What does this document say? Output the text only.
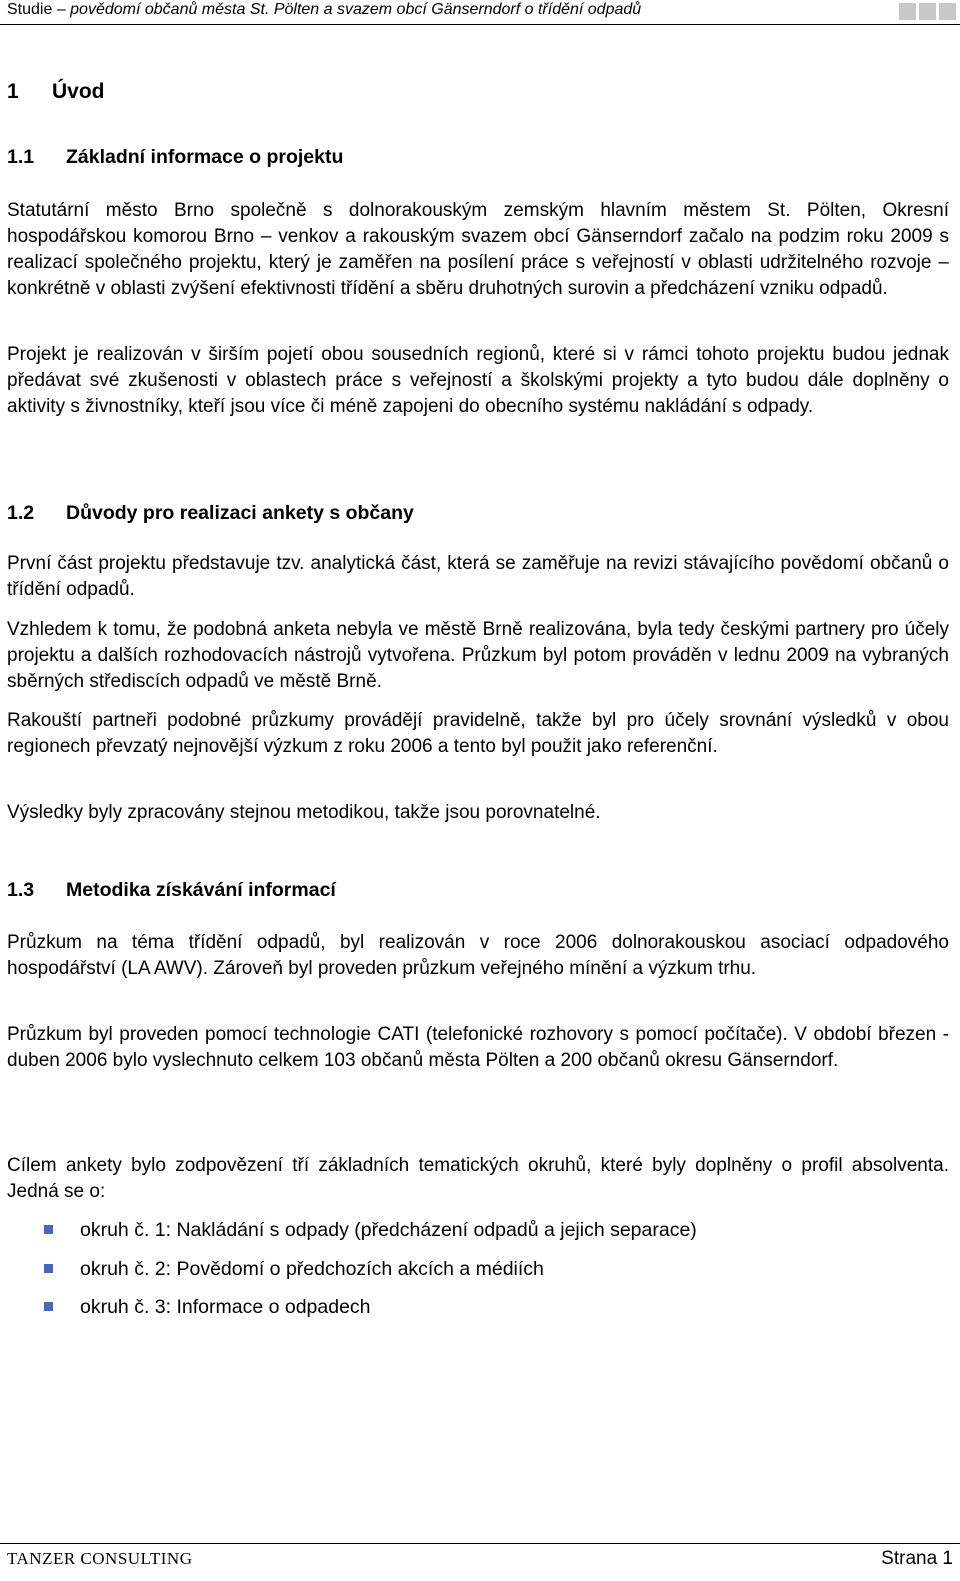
Studie – povědomí občanů města St. Pölten a svazem obcí Gänserndorf o třídění odpadů
1 Úvod
1.1 Základní informace o projektu

Statutární město Brno společně s dolnorakouským zemským hlavním městem St. Pölten, Okresní hospodářskou komorou Brno – venkov a rakouským svazem obcí Gänserndorf začalo na podzim roku 2009 s realizací společného projektu, který je zaměřen na posílení práce s veřejností v oblasti udržitelného rozvoje – konkrétně v oblasti zvýšení efektivnosti třídění a sběru druhotných surovin a předcházení vzniku odpadů.

Projekt je realizován v širším pojetí obou sousedních regionů, které si v rámci tohoto projektu budou jednak předávat své zkušenosti v oblastech práce s veřejností a školskými projekty a tyto budou dále doplněny o aktivity s živnostníky, kteří jsou více či méně zapojeni do obecního systému nakládání s odpady.

1.2 Důvody pro realizaci ankety s občany

První část projektu představuje tzv. analytická část, která se zaměřuje na revizi stávajícího povědomí občanů o třídění odpadů.

Vzhledem k tomu, že podobná anketa nebyla ve městě Brně realizována, byla tedy českými partnery pro účely projektu a dalších rozhodovacích nástrojů vytvořena. Průzkum byl potom prováděn v lednu 2009 na vybraných sběrných střediscích odpadů ve městě Brně.

Rakouští partneři podobné průzkumy provádějí pravidelně, takže byl pro účely srovnání výsledků v obou regionech převzatý nejnovější výzkum z roku 2006 a tento byl použit jako referenční.

Výsledky byly zpracovány stejnou metodikou, takže jsou porovnatelné.

1.3 Metodika získávání informací

Průzkum na téma třídění odpadů, byl realizován v roce 2006 dolnorakouskou asociací odpadového hospodářství (LA AWV). Zároveň byl proveden průzkum veřejného mínění a výzkum trhu.

Průzkum byl proveden pomocí technologie CATI (telefonické rozhovory s pomocí počítače). V období březen - duben 2006 bylo vyslechnuto celkem 103 občanů města Pölten a 200 občanů okresu Gänserndorf.

Cílem ankety bylo zodpovězení tří základních tematických okruhů, které byly doplněny o profil absolventa. Jedná se o:

okruh č. 1: Nakládání s odpady (předcházení odpadů a jejich separace)
okruh č. 2: Povědomí o předchozích akcích a médiích
okruh č. 3: Informace o odpadech
TANZER CONSULTING	Strana 1
